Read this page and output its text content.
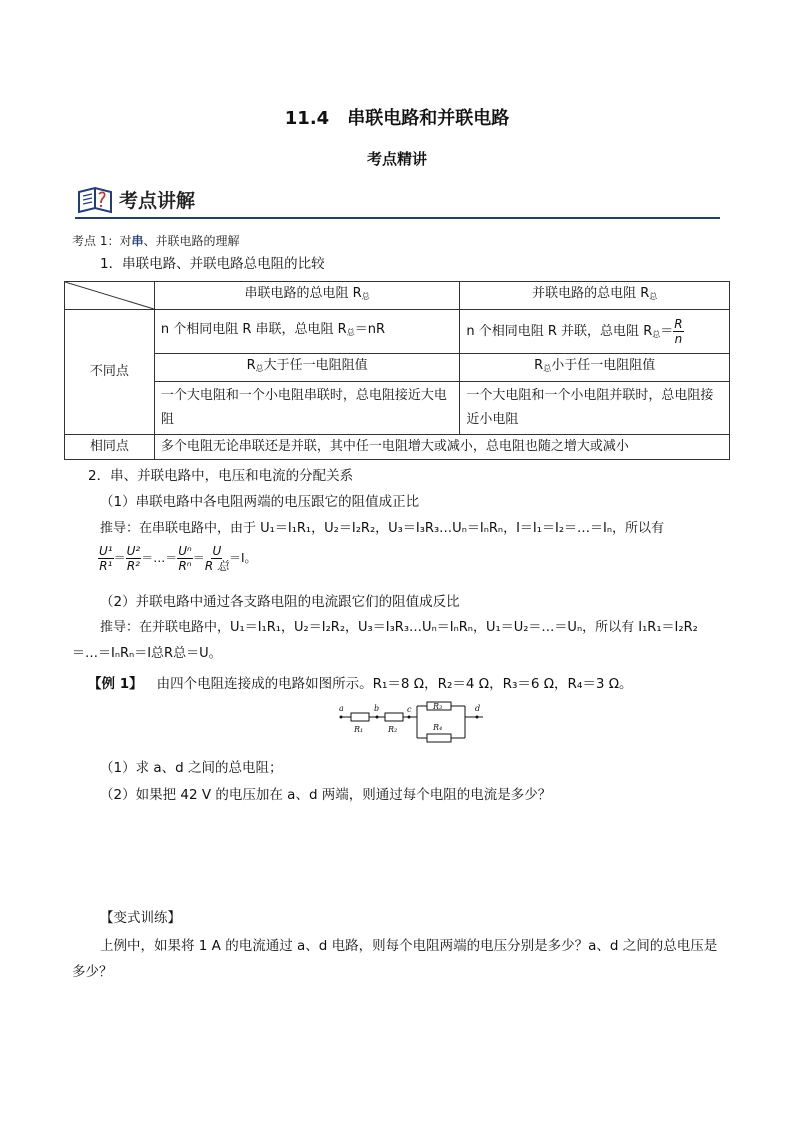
11.4　串联电路和并联电路
考点精讲
考点讲解
考点 1：对串、并联电路的理解
1．串联电路、并联电路总电阻的比较
	串联电路的总电阻 $R_总$	并联电路的总电阻 $R_总$
不同点	n 个相同电阻 R 串联，总电阻 $R_总=nR$	n 个相同电阻 R 并联，总电阻 $R_总= \frac{R}{n}$

	$R_总$大于任一电阻阻值	$R_总$小于任一电阻阻值
	一个大电阻和一个小电阻串联时，总电阻接近大电阻	一个大电阻和一个小电阻并联时，总电阻接近小电阻
相同点	多个电阻无论串联还是并联，其中任一电阻增大或减小，总电阻也随之增大或减小	
2．串、并联电路中，电压和电流的分配关系
（1）串联电路中各电阻两端的电压跟它的阻值成正比
推导：在串联电路中，由于 U₁＝I₁R₁，U₂＝I₂R₂，U₃＝I₃R₃…Uₙ＝IₙRₙ，I＝I₁＝I₂＝…＝Iₙ，所以有
$\frac{\text{U¹}}{\text{R¹}} = \frac{\text{U²}}{\text{R²}}$ ＝…＝ $\frac{\text{Uⁿ}}{\text{Rⁿ}} = \frac{U}{\text{R 总}} =I$。
（2）并联电路中通过各支路电阻的电流跟它们的阻值成反比
推导：在并联电路中，U₁＝I₁R₁，U₂＝I₂R₂，U₃＝I₃R₃…Uₙ＝IₙRₙ，U₁＝U₂＝…＝Uₙ，所以有 I₁R₁＝I₂R₂
＝…＝IₙRₙ＝I总R总＝U。
【例 1】 由四个电阻连接成的电路如图所示。R₁＝8 Ω，R₂＝4 Ω，R₃＝6 Ω，R₄＝3 Ω。
a	b	c	d
R₁	R₂
R₃
R₄
（1）求 a、d 之间的总电阻；
（2）如果把 42 V 的电压加在 a、d 两端，则通过每个电阻的电流是多少？
【变式训练】
上例中，如果将 1 A 的电流通过 a、d 电路，则每个电阻两端的电压分别是多少？a、d 之间的总电压是
多少？
